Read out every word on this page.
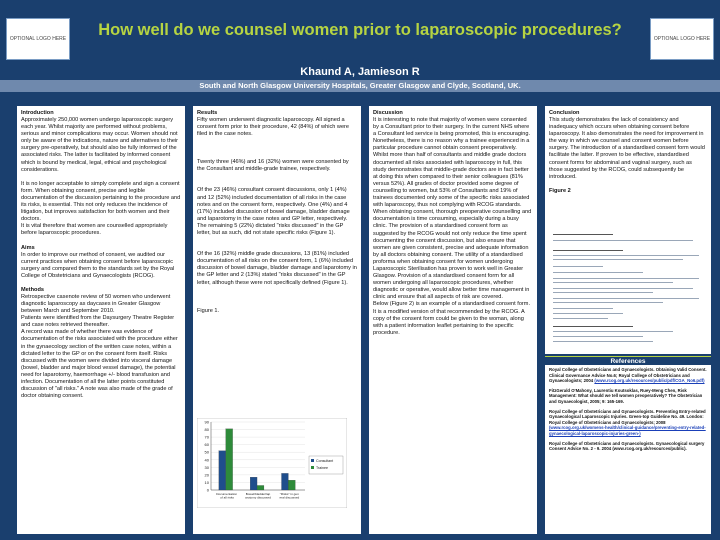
OPTIONAL LOGO HERE	How well do we counsel women prior to laparoscopic procedures?	OPTIONAL LOGO HERE
Khaund A, Jamieson R
South and North Glasgow University Hospitals, Greater Glasgow and Clyde, Scotland, UK.
Introduction

Approximately 250,000 women undergo laparoscopic surgery each year. Whilst majority are performed without problems, serious and minor complications may occur. Women should not only be aware of the indications, nature and alternatives to their surgery pre-operatively, but should also be fully informed of the associated risks. The latter is facilitated by informed consent which is bound by medical, legal, ethical and psychological considerations.

It is no longer acceptable to simply complete and sign a consent form. When obtaining consent, precise and legible documentation of the discussion pertaining to the procedure and its risks, is essential. This not only reduces the incidence of litigation, but improves satisfaction for both women and their doctors.

It is vital therefore that women are counselled appropriately before laparoscopic procedures.

Aims

In order to improve our method of consent, we audited our current practices when obtaining consent before laparoscopic surgery and compared them to the standards set by the Royal College of Obstetricians and Gynaecologists (RCOG).

Methods

Retrospective casenote review of 50 women who underwent diagnostic laparoscopy as daycases in Greater Glasgow between March and September 2010.

Patients were identified from the Daysurgery Theatre Register and case notes retrieved thereafter.

A record was made of whether there was evidence of documentation of the risks associated with the procedure either in the gynaecology section of the written case notes, within a dictated letter to the GP or on the consent form itself. Risks discussed with the women were divided into visceral damage (bowel, bladder and major blood vessel damage), the potential need for laparotomy, haemorrhage +/- blood transfusion and infection. Documentation of all the latter points constituted discussion of "all risks." A note was also made of the grade of doctor obtaining consent.

Results

Fifty women underwent diagnostic laparoscopy. All signed a consent form prior to their procedure, 42 (84%) of which were filed in the case notes.

Twenty three (46%) and 16 (32%) women were consented by the Consultant and middle-grade trainee, respectively.

Of the 23 (46%) consultant consent discussions, only 1 (4%) and 12 (52%) included documentation of all risks in the case notes and on the consent form, respectively. One (4%) and 4 (17%) included discussion of bowel damage, bladder damage and laparotomy in the case notes and GP letter, respectively. The remaining 5 (22%) dictated "risks discussed" in the GP letter, but as such, did not state specific risks (Figure 1).

Of the 16 (32%) middle grade discussions, 13 (81%) included documentation of all risks on the consent form, 1 (6%) included discussion of bowel damage, bladder damage and laparotomy in the GP letter and 2 (13%) stated "risks discussed" in the GP letter, although these were not specifically defined (Figure 1).

Figure 1.

0
10
20
30
40
50
60
70
80
90
Documentation of all risks
Bowel/bladder/lap arotomy discussed
"Risks" in gen eral discussed
Consultant
Trainee
Discussion

It is interesting to note that majority of women were consented by a Consultant prior to their surgery. In the current NHS where a Consultant led service is being promoted, this is encouraging. Nonetheless, there is no reason why a trainee experienced in a particular procedure cannot obtain consent preoperatively.

Whilst more than half of consultants and middle grade doctors documented all risks associated with laparoscopy in full, this study demonstrates that middle-grade doctors are in fact better at doing this when compared to their senior colleagues (81% versus 52%). All grades of doctor provided some degree of counselling to women, but 53% of Consultants and 19% of trainees documented only some of the specific risks associated with laparoscopy, thus not complying with RCOG standards.

When obtaining consent, thorough preoperative counselling and documentation is time consuming, especially during a busy clinic. The provision of a standardised consent form as suggested by the RCOG would not only reduce the time spent documenting the consent discussion, but also ensure that women are given consistent, precise and adequate information by all doctors obtaining consent. The utility of a standardised proforma when obtaining consent for women undergoing Laparoscopic Sterilisation has proven to work well in Greater Glasgow. Provision of a standardised consent form for all women undergoing all laparoscopic procedures, whether diagnostic or operative, would allow better time management in clinic and ensure that all aspects of risk are covered.

Below (Figure 2) is an example of a standardised consent form. It is a modified version of that recommended by the RCOG. A copy of the consent form could be given to the woman, along with a patient information leaflet pertaining to the specific procedure.

Conclusion

This study demonstrates the lack of consistency and inadequacy which occurs when obtaining consent before laparoscopy. It also demonstrates the need for improvement in the way in which we counsel and consent women before surgery. The introduction of a standardised consent form would facilitate the latter. If proven to be effective, standardised consent forms for abdominal and vaginal surgery, such as those suggested by the RCOG, could subsequently be introduced.

Figure 2
References

Royal College of Obstetricians and Gynaecologists. Obtaining Valid Consent. Clinical Governance Advice No.6; Royal College of Obstetricians and Gynaecologists; 2004 (www.rcog.org.uk/resources/public/pdf/CGA_No6.pdf)

FitzGerald O'Mahony, Laurentiu Koutsoklas, Ruey-Meng Chen, Risk Management: What should we tell women preoperatively? The Obstetrician and Gynaecologist, 2005; 9: 165-169.

Royal College of Obstetricians and Gynaecologists. Preventing Entry-related Gynaecological Laparoscopic Injuries. Green-top Guideline No. 49. London: Royal College of Obstetricians and Gynaecologists; 2008 (www.rcog.org.uk/womens-health/clinical-guidance/preventing-entry-related-gynaecological-laparoscopic-injuries-green-)

Royal College of Obstetricians and Gynaecologists. Gynaecological surgery Consent Advice No. 2 - 9. 2004 (www.rcog.org.uk/resources/public).
